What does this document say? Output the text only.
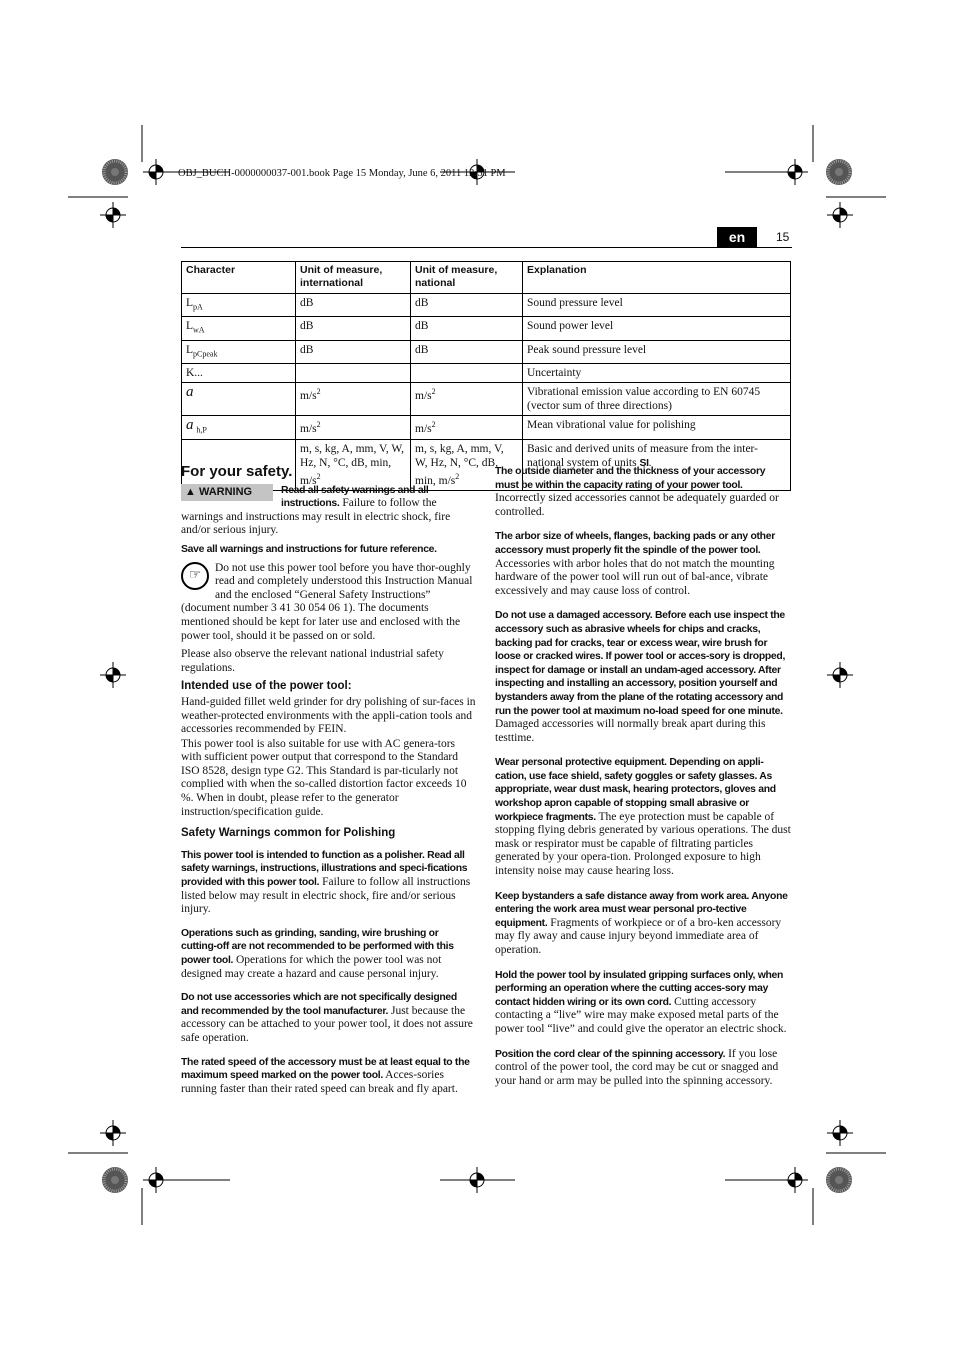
OBJ_BUCH-0000000037-001.book Page 15 Monday, June 6, 2011 12:51 PM
en	15
Character	Unit of measure, international	Unit of measure, national	Explanation
$L_{pA}$	dB	dB	Sound pressure level
$L_{wA}$	dB	dB	Sound power level
$L_{pCpeak}$	dB	dB	Peak sound pressure level
K...			Uncertainty
a	$m/s^2$	$m/s^2$	Vibrational emission value according to EN 60745 (vector sum of three directions)
a $_{h,P}$	$m/s^2$	$m/s^2$	Mean vibrational value for polishing
	m, s, kg, A, mm, V, W, Hz, N, °C, dB, min, $m/s^2$	m, s, kg, A, mm, V, W, Hz, N, °C, dB, min, $m/s^2$	Basic and derived units of measure from the inter-national system of units SI.
For your safety.

▲ WARNING	Read all safety warnings and all instructions. Failure to follow the warnings and instructions may result in electric shock, fire and/or serious injury.

Save all warnings and instructions for future reference.

☞	Do not use this power tool before you have thor-oughly read and completely understood this Instruction Manual and the enclosed “General Safety Instructions” (document number 3 41 30 054 06 1). The documents mentioned should be kept for later use and enclosed with the power tool, should it be passed on or sold.

Please also observe the relevant national industrial safety regulations.

Intended use of the power tool:

Hand-guided fillet weld grinder for dry polishing of sur-faces in weather-protected environments with the appli-cation tools and accessories recommended by FEIN.

This power tool is also suitable for use with AC genera-tors with sufficient power output that correspond to the Standard ISO 8528, design type G2. This Standard is par-ticularly not complied with when the so-called distortion factor exceeds 10 %. When in doubt, please refer to the generator instruction/specification guide.

Safety Warnings common for Polishing

This power tool is intended to function as a polisher. Read all safety warnings, instructions, illustrations and speci-fications provided with this power tool. Failure to follow all instructions listed below may result in electric shock, fire and/or serious injury.

Operations such as grinding, sanding, wire brushing or cutting-off are not recommended to be performed with this power tool. Operations for which the power tool was not designed may create a hazard and cause personal injury.

Do not use accessories which are not specifically designed and recommended by the tool manufacturer. Just because the accessory can be attached to your power tool, it does not assure safe operation.

The rated speed of the accessory must be at least equal to the maximum speed marked on the power tool. Acces-sories running faster than their rated speed can break and fly apart.

The outside diameter and the thickness of your accessory must be within the capacity rating of your power tool. Incorrectly sized accessories cannot be adequately guarded or controlled.

The arbor size of wheels, flanges, backing pads or any other accessory must properly fit the spindle of the power tool. Accessories with arbor holes that do not match the mounting hardware of the power tool will run out of bal-ance, vibrate excessively and may cause loss of control.

Do not use a damaged accessory. Before each use inspect the accessory such as abrasive wheels for chips and cracks, backing pad for cracks, tear or excess wear, wire brush for loose or cracked wires. If power tool or acces-sory is dropped, inspect for damage or install an undam-aged accessory. After inspecting and installing an accessory, position yourself and bystanders away from the plane of the rotating accessory and run the power tool at maximum no-load speed for one minute. Damaged accessories will normally break apart during this testtime.

Wear personal protective equipment. Depending on appli-cation, use face shield, safety goggles or safety glasses. As appropriate, wear dust mask, hearing protectors, gloves and workshop apron capable of stopping small abrasive or workpiece fragments. The eye protection must be capable of stopping flying debris generated by various operations. The dust mask or respirator must be capable of filtrating particles generated by your opera-tion. Prolonged exposure to high intensity noise may cause hearing loss.

Keep bystanders a safe distance away from work area. Anyone entering the work area must wear personal pro-tective equipment. Fragments of workpiece or of a bro-ken accessory may fly away and cause injury beyond immediate area of operation.

Hold the power tool by insulated gripping surfaces only, when performing an operation where the cutting acces-sory may contact hidden wiring or its own cord. Cutting accessory contacting a “live” wire may make exposed metal parts of the power tool “live” and could give the operator an electric shock.

Position the cord clear of the spinning accessory. If you lose control of the power tool, the cord may be cut or snagged and your hand or arm may be pulled into the spinning accessory.
